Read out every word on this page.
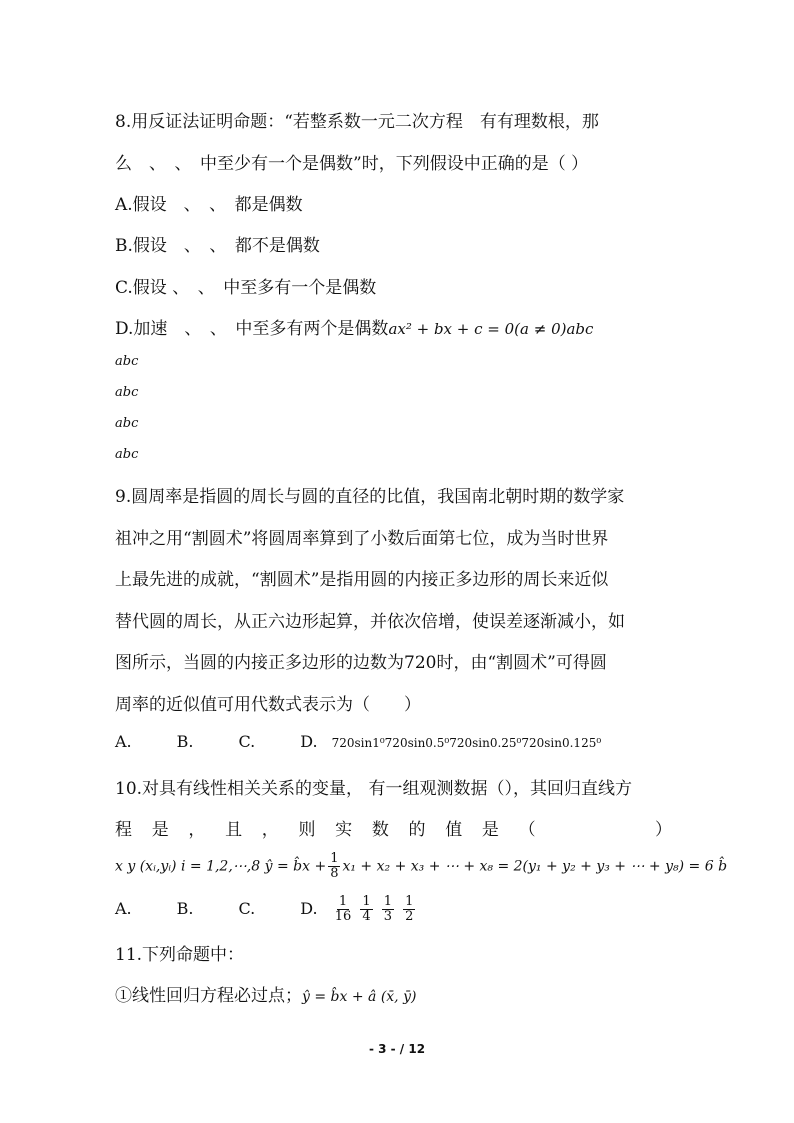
8.用反证法证明命题：“若整系数一元二次方程　有有理数根，那
么　、　、　中至少有一个是偶数”时，下列假设中正确的是（ ）
A.假设　、　、　都是偶数
B.假设　、　、　都不是偶数
C.假设 、　、　中至多有一个是偶数
D.加速　、　、　中至多有两个是偶数ax² + bx + c = 0(a ≠ 0)abc
abc
abc
abc
abc
9.圆周率是指圆的周长与圆的直径的比值，我国南北朝时期的数学家
祖冲之用“割圆术”将圆周率算到了小数后面第七位，成为当时世界
上最先进的成就，“割圆术”是指用圆的内接正多边形的周长来近似
替代圆的周长，从正六边形起算，并依次倍增，使误差逐渐减小，如
图所示，当圆的内接正多边形的边数为720时，由“割圆术”可得圆
周率的近似值可用代数式表示为（　　）
A.	B.	C.	D. 720sin1⁰720sin0.5⁰720sin0.25⁰720sin0.125⁰
10.对具有线性相关关系的变量， 有一组观测数据（），其回归直线方
程 是 ， 且 ， 则 实 数 的 值 是 （	）
x y (xᵢ,yᵢ) i = 1,2,⋯,8 ŷ = b̂x + $\frac{1}{8} x_1 + x_2 + x_3$ + ⋯ + x₈ = 2(y₁ + y₂ + y₃ + ⋯ + y₈) = 6 b̂
A.	B.	C.	D. $\frac{1}{16}$
$\frac{1}{4}$
$\frac{1}{3}$
$\frac{1}{2}$
11.下列命题中：
①线性回归方程必过点；ŷ = b̂x + â (x̄, ȳ)
- 3 - / 12
